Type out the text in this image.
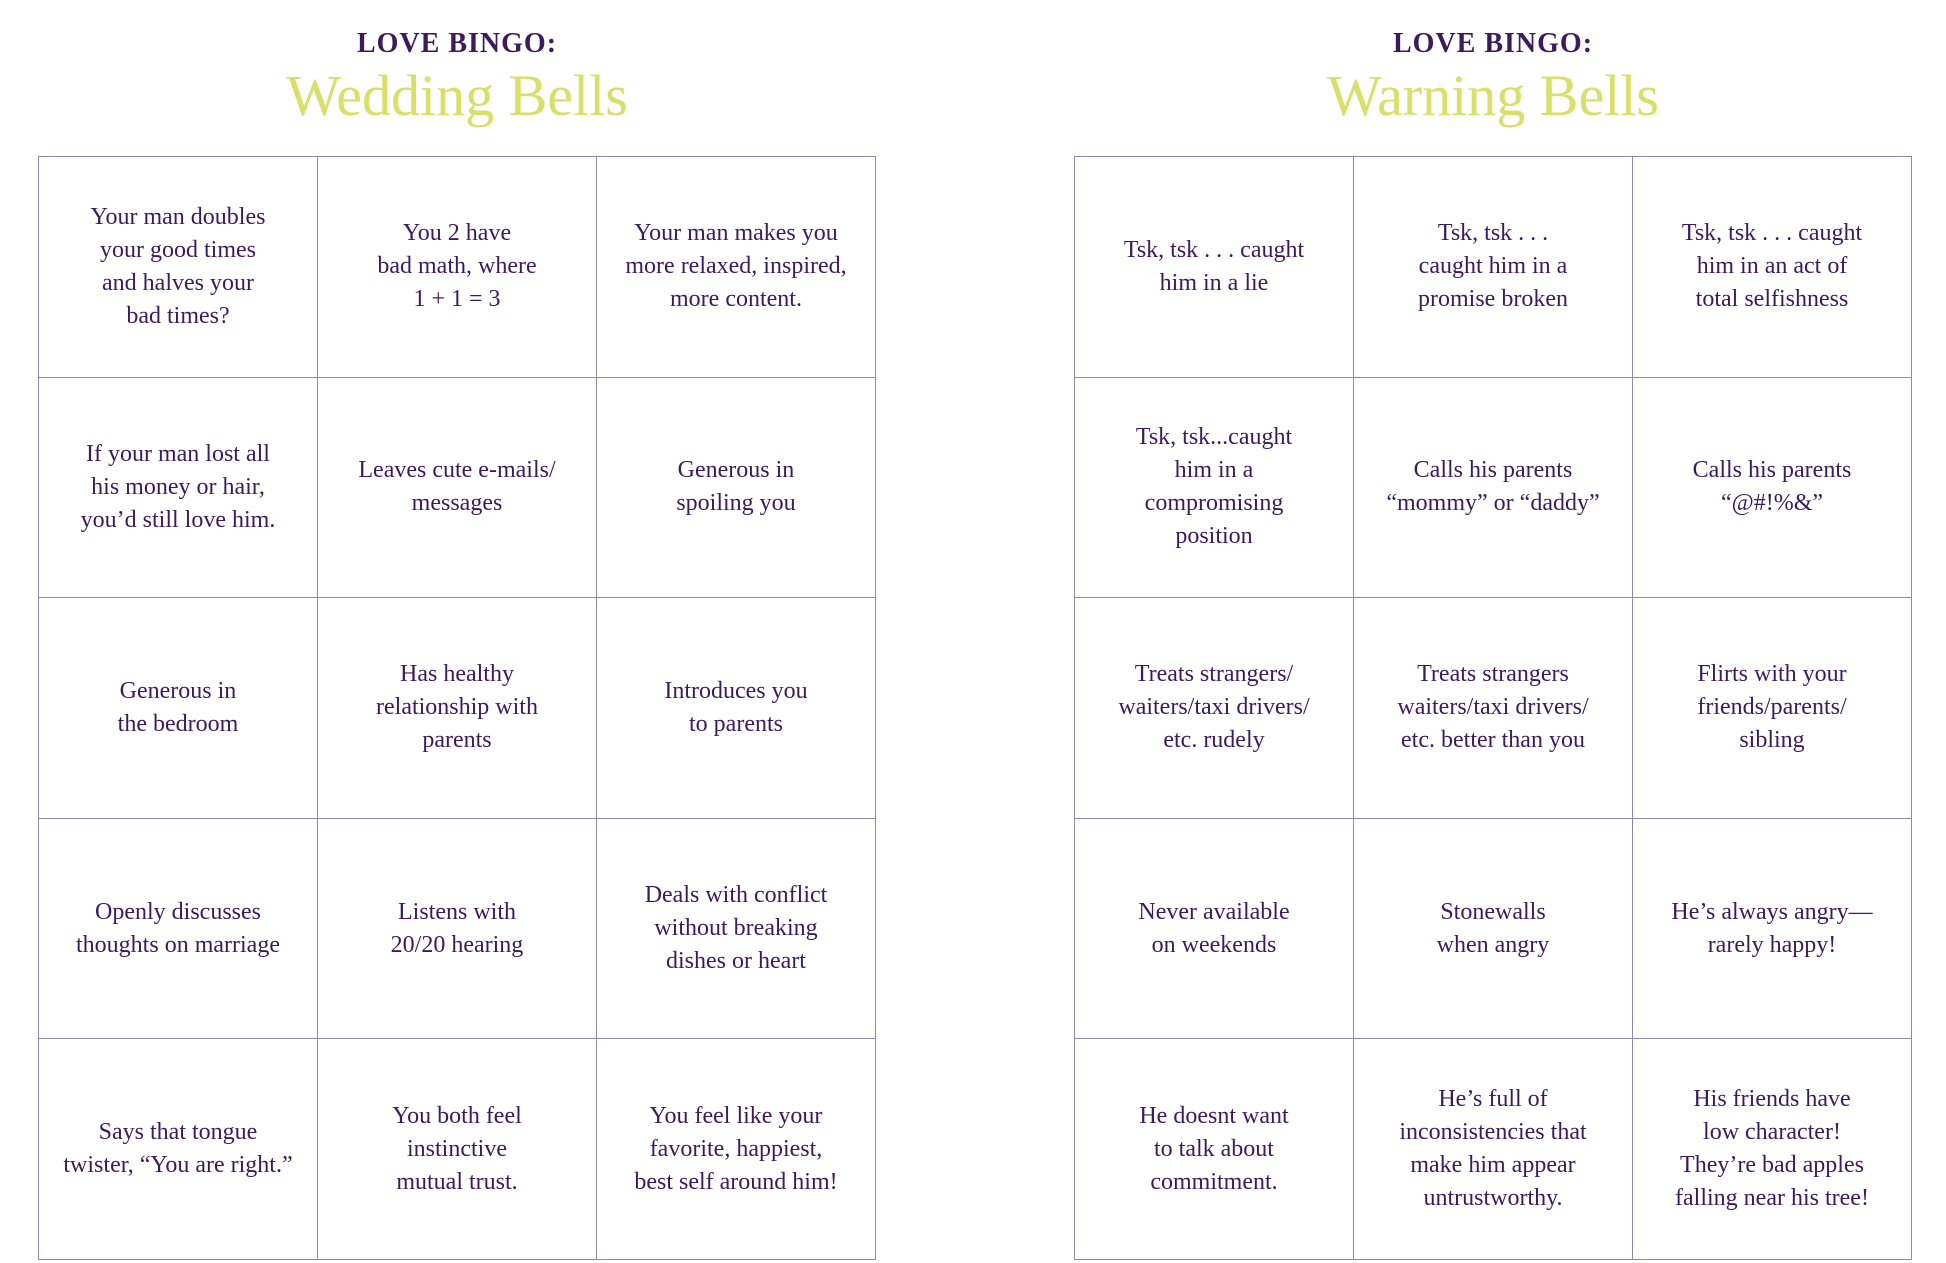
LOVE BINGO:
Wedding Bells
Your man doubles
your good times
and halves your
bad times?
You 2 have
bad math, where
1 + 1 = 3
Your man makes you
more relaxed, inspired,
more content.
If your man lost all
his money or hair,
you’d still love him.
Leaves cute e-mails/
messages
Generous in
spoiling you
Generous in
the bedroom
Has healthy
relationship with
parents
Introduces you
to parents
Openly discusses
thoughts on marriage
Listens with
20/20 hearing
Deals with conflict
without breaking
dishes or heart
Says that tongue
twister, “You are right.”
You both feel
instinctive
mutual trust.
You feel like your
favorite, happiest,
best self around him!
LOVE BINGO:
Warning Bells
Tsk, tsk . . . caught
him in a lie
Tsk, tsk . . .
caught him in a
promise broken
Tsk, tsk . . . caught
him in an act of
total selfishness
Tsk, tsk...caught
him in a
compromising
position
Calls his parents
“mommy” or “daddy”
Calls his parents
“@#!%&”
Treats strangers/
waiters/taxi drivers/
etc. rudely
Treats strangers
waiters/taxi drivers/
etc. better than you
Flirts with your
friends/parents/
sibling
Never available
on weekends
Stonewalls
when angry
He’s always angry—
rarely happy!
He doesnt want
to talk about
commitment.
He’s full of
inconsistencies that
make him appear
untrustworthy.
His friends have
low character!
They’re bad apples
falling near his tree!
